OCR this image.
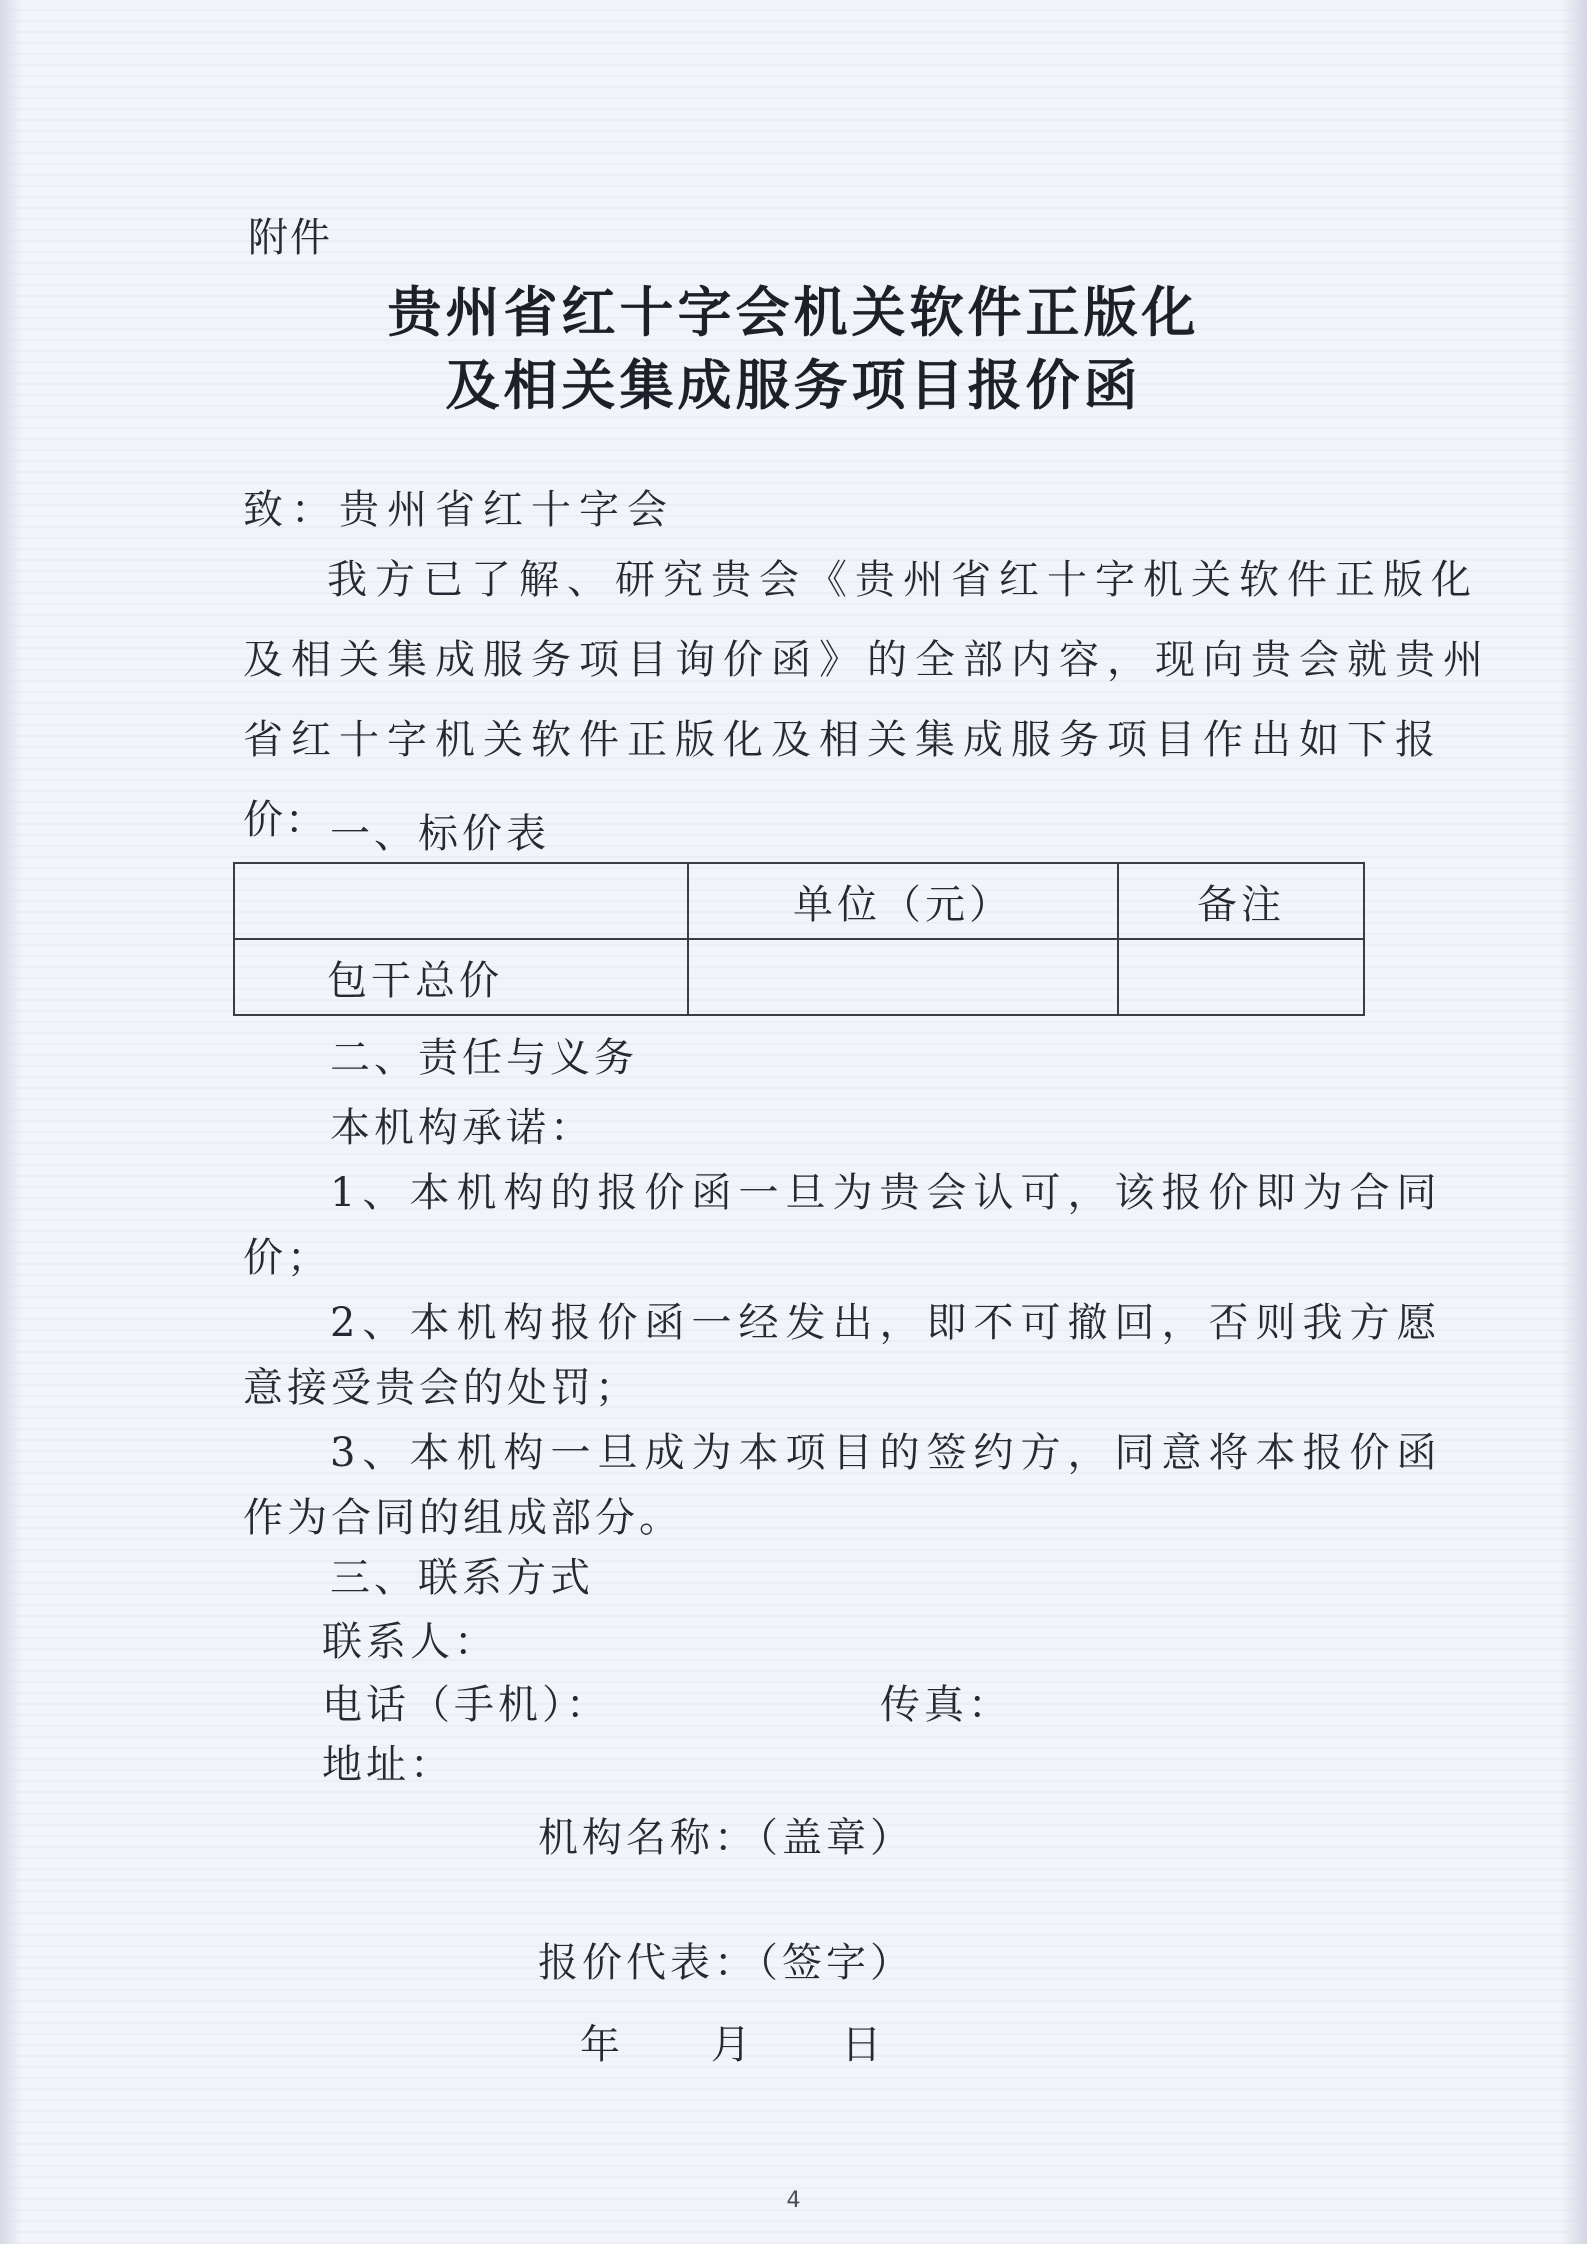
附件
贵州省红十字会机关软件正版化
及相关集成服务项目报价函
致：贵州省红十字会
我方已了解、研究贵会《贵州省红十字机关软件正版化
及相关集成服务项目询价函》的全部内容，现向贵会就贵州
省红十字机关软件正版化及相关集成服务项目作出如下报
价： 一、标价表
	单位（元）	备注
包干总价		
二、责任与义务
本机构承诺：
1、本机构的报价函一旦为贵会认可，该报价即为合同
价；
2、本机构报价函一经发出，即不可撤回，否则我方愿
意接受贵会的处罚；
3、本机构一旦成为本项目的签约方，同意将本报价函
作为合同的组成部分。
三、联系方式
联系人：
电话（手机）：	传真：
地址：
机构名称：（盖章）
报价代表：（签字）
年 月 日
4
